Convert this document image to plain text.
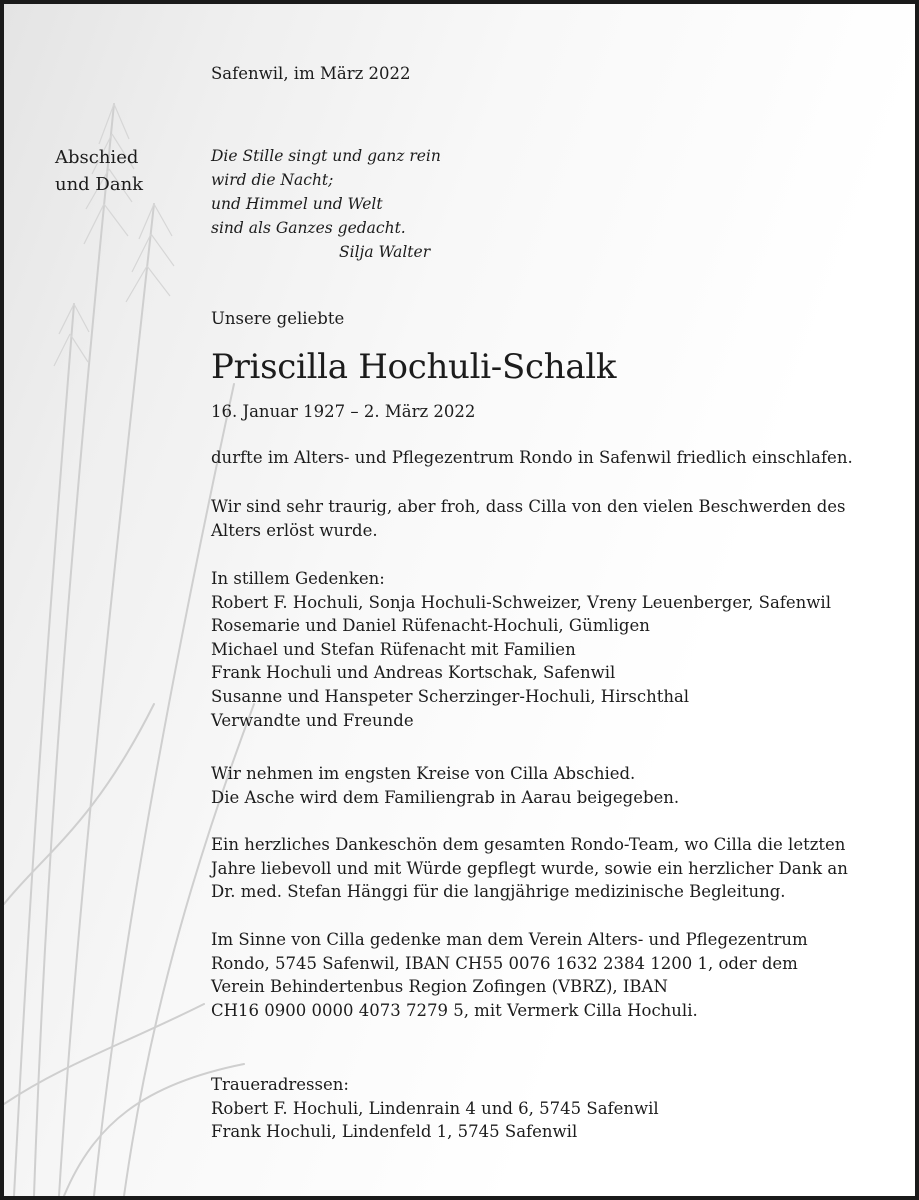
Safenwil, im März 2022

Abschied
und Dank

Die Stille singt und ganz rein
wird die Nacht;
und Himmel und Welt
sind als Ganzes gedacht.
Silja Walter

Unsere geliebte

Priscilla Hochuli-Schalk

16. Januar 1927 – 2. März 2022

durfte im Alters- und Pflegezentrum Rondo in Safenwil friedlich einschlafen.

Wir sind sehr traurig, aber froh, dass Cilla von den vielen Beschwerden des
Alters erlöst wurde.

In stillem Gedenken:
Robert F. Hochuli, Sonja Hochuli-Schweizer, Vreny Leuenberger, Safenwil
Rosemarie und Daniel Rüfenacht-Hochuli, Gümligen
Michael und Stefan Rüfenacht mit Familien
Frank Hochuli und Andreas Kortschak, Safenwil
Susanne und Hanspeter Scherzinger-Hochuli, Hirschthal
Verwandte und Freunde

Wir nehmen im engsten Kreise von Cilla Abschied.
Die Asche wird dem Familiengrab in Aarau beigegeben.

Ein herzliches Dankeschön dem gesamten Rondo-Team, wo Cilla die letzten
Jahre liebevoll und mit Würde gepflegt wurde, sowie ein herzlicher Dank an
Dr. med. Stefan Hänggi für die langjährige medizinische Begleitung.

Im Sinne von Cilla gedenke man dem Verein Alters- und Pflegezentrum
Rondo, 5745 Safenwil, IBAN CH55 0076 1632 2384 1200 1, oder dem
Verein Behindertenbus Region Zofingen (VBRZ), IBAN
CH16 0900 0000 4073 7279 5, mit Vermerk Cilla Hochuli.

Traueradressen:
Robert F. Hochuli, Lindenrain 4 und 6, 5745 Safenwil
Frank Hochuli, Lindenfeld 1, 5745 Safenwil
